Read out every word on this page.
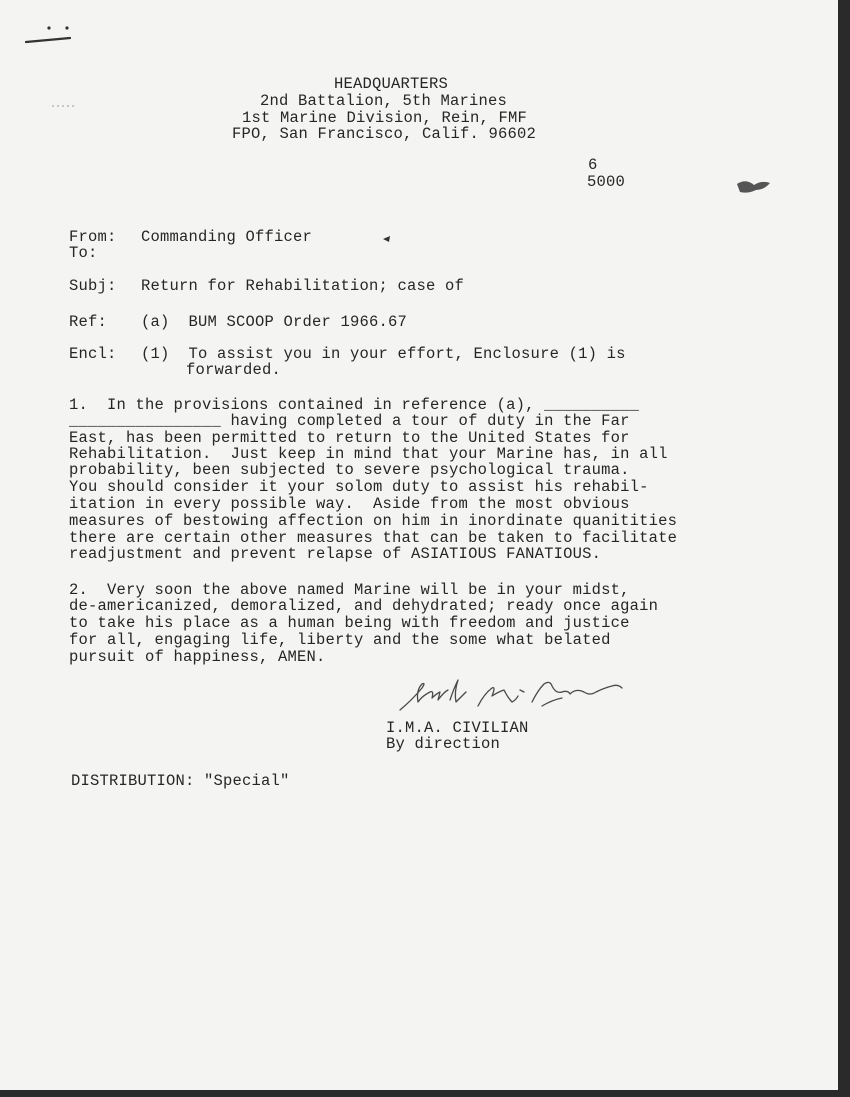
HEADQUARTERS
2nd Battalion, 5th Marines
1st Marine Division, Rein, FMF
FPO, San Francisco, Calif. 96602
6
5000
From: Commanding Officer
To:
Subj: Return for Rehabilitation; case of
Ref: (a)  BUM SCOOP Order 1966.67
Encl: (1)  To assist you in your effort, Enclosure (1) is
forwarded.
1.  In the provisions contained in reference (a), __________
________________ having completed a tour of duty in the Far
East, has been permitted to return to the United States for
Rehabilitation.  Just keep in mind that your Marine has, in all
probability, been subjected to severe psychological trauma.
You should consider it your solom duty to assist his rehabil-
itation in every possible way.  Aside from the most obvious
measures of bestowing affection on him in inordinate quanitities
there are certain other measures that can be taken to facilitate
readjustment and prevent relapse of ASIATIOUS FANATIOUS.
2.  Very soon the above named Marine will be in your midst,
de-americanized, demoralized, and dehydrated; ready once again
to take his place as a human being with freedom and justice
for all, engaging life, liberty and the some what belated
pursuit of happiness, AMEN.
I.M.A. CIVILIAN
By direction
DISTRIBUTION: "Special"
